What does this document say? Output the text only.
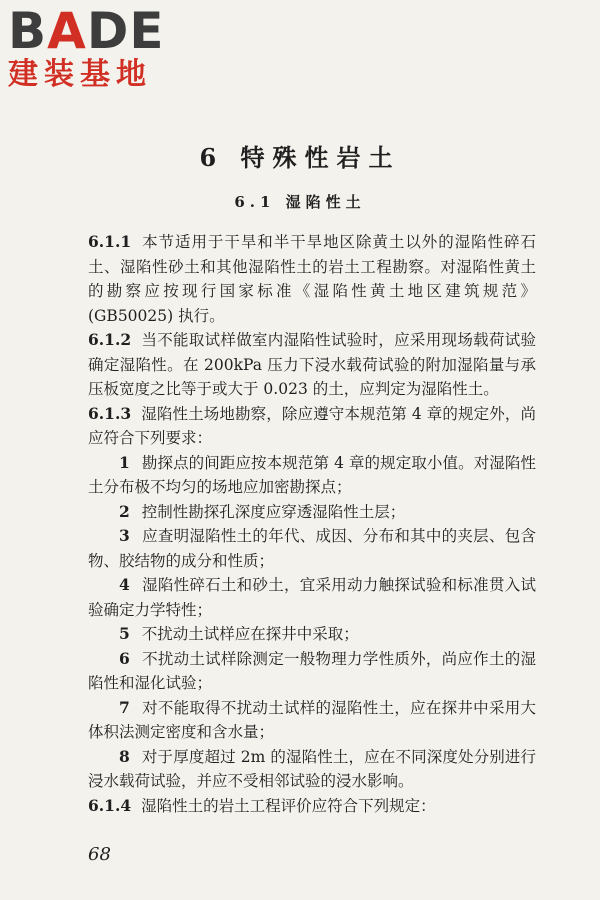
BADE
建装基地
6 特殊性岩土
6.1 湿陷性土

6.1.1 本节适用于干旱和半干旱地区除黄土以外的湿陷性碎石土、湿陷性砂土和其他湿陷性土的岩土工程勘察。对湿陷性黄土的勘察应按现行国家标准《湿陷性黄土地区建筑规范》(GB50025) 执行。

6.1.2 当不能取试样做室内湿陷性试验时，应采用现场载荷试验确定湿陷性。在 200kPa 压力下浸水载荷试验的附加湿陷量与承压板宽度之比等于或大于 0.023 的土，应判定为湿陷性土。

6.1.3 湿陷性土场地勘察，除应遵守本规范第 4 章的规定外，尚应符合下列要求：

1 勘探点的间距应按本规范第 4 章的规定取小值。对湿陷性土分布极不均匀的场地应加密勘探点；

2 控制性勘探孔深度应穿透湿陷性土层；

3 应查明湿陷性土的年代、成因、分布和其中的夹层、包含物、胶结物的成分和性质；

4 湿陷性碎石土和砂土，宜采用动力触探试验和标准贯入试验确定力学特性；

5 不扰动土试样应在探井中采取；

6 不扰动土试样除测定一般物理力学性质外，尚应作土的湿陷性和湿化试验；

7 对不能取得不扰动土试样的湿陷性土，应在探井中采用大体积法测定密度和含水量；

8 对于厚度超过 2m 的湿陷性土，应在不同深度处分别进行浸水载荷试验，并应不受相邻试验的浸水影响。

6.1.4 湿陷性土的岩土工程评价应符合下列规定：

68
